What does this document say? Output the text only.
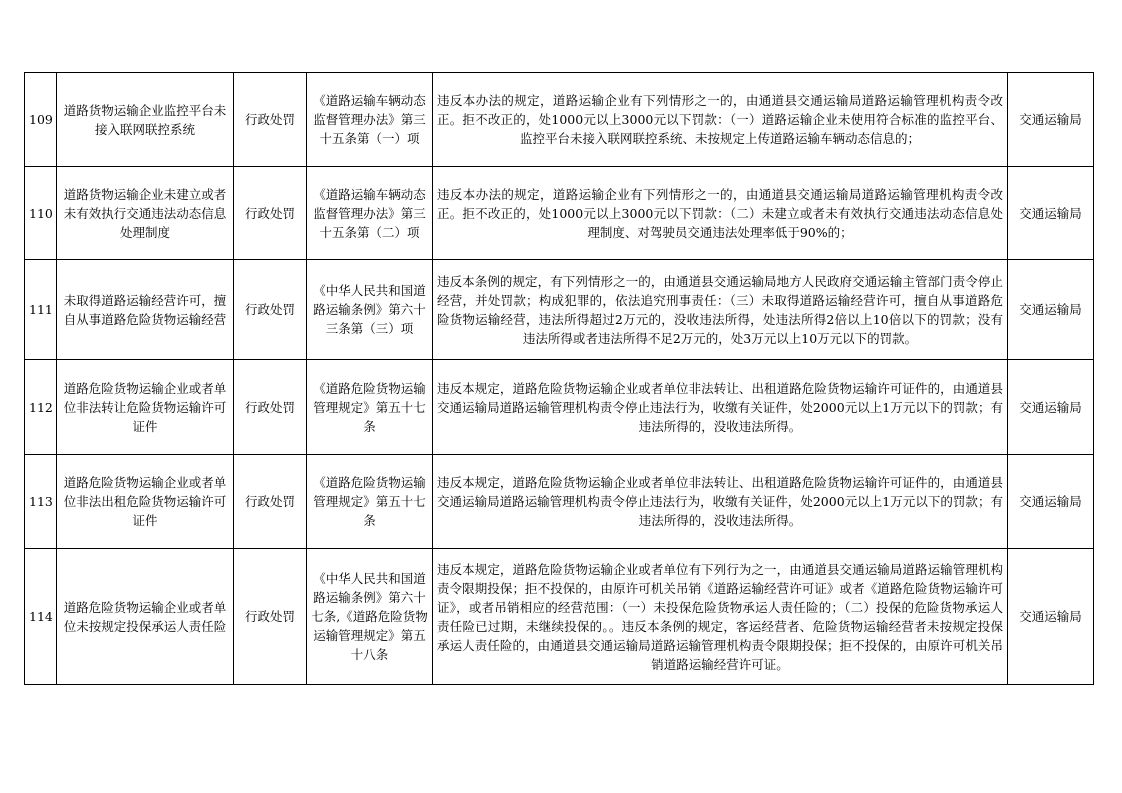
109	道路货物运输企业监控平台未接入联网联控系统	行政处罚	《道路运输车辆动态监督管理办法》第三十五条第（一）项	违反本办法的规定，道路运输企业有下列情形之一的，由通道县交通运输局道路运输管理机构责令改正。拒不改正的，处1000元以上3000元以下罚款：（一）道路运输企业未使用符合标准的监控平台、监控平台未接入联网联控系统、未按规定上传道路运输车辆动态信息的；	交通运输局
110	道路货物运输企业未建立或者未有效执行交通违法动态信息处理制度	行政处罚	《道路运输车辆动态监督管理办法》第三十五条第（二）项	违反本办法的规定，道路运输企业有下列情形之一的，由通道县交通运输局道路运输管理机构责令改正。拒不改正的，处1000元以上3000元以下罚款：（二）未建立或者未有效执行交通违法动态信息处理制度、对驾驶员交通违法处理率低于90%的；	交通运输局
111	未取得道路运输经营许可，擅自从事道路危险货物运输经营	行政处罚	《中华人民共和国道路运输条例》第六十三条第（三）项	违反本条例的规定，有下列情形之一的，由通道县交通运输局地方人民政府交通运输主管部门责令停止经营，并处罚款；构成犯罪的，依法追究刑事责任：（三）未取得道路运输经营许可，擅自从事道路危险货物运输经营，违法所得超过2万元的，没收违法所得，处违法所得2倍以上10倍以下的罚款；没有违法所得或者违法所得不足2万元的，处3万元以上10万元以下的罚款。	交通运输局
112	道路危险货物运输企业或者单位非法转让危险货物运输许可证件	行政处罚	《道路危险货物运输管理规定》第五十七条	违反本规定，道路危险货物运输企业或者单位非法转让、出租道路危险货物运输许可证件的，由通道县交通运输局道路运输管理机构责令停止违法行为，收缴有关证件，处2000元以上1万元以下的罚款；有违法所得的，没收违法所得。	交通运输局
113	道路危险货物运输企业或者单位非法出租危险货物运输许可证件	行政处罚	《道路危险货物运输管理规定》第五十七条	违反本规定，道路危险货物运输企业或者单位非法转让、出租道路危险货物运输许可证件的，由通道县交通运输局道路运输管理机构责令停止违法行为，收缴有关证件，处2000元以上1万元以下的罚款；有违法所得的，没收违法所得。	交通运输局
114	道路危险货物运输企业或者单位未按规定投保承运人责任险	行政处罚	《中华人民共和国道路运输条例》第六十七条,《道路危险货物运输管理规定》第五十八条	违反本规定，道路危险货物运输企业或者单位有下列行为之一，由通道县交通运输局道路运输管理机构责令限期投保；拒不投保的，由原许可机关吊销《道路运输经营许可证》或者《道路危险货物运输许可证》，或者吊销相应的经营范围：（一）未投保危险货物承运人责任险的；（二）投保的危险货物承运人责任险已过期，未继续投保的。。违反本条例的规定，客运经营者、危险货物运输经营者未按规定投保承运人责任险的，由通道县交通运输局道路运输管理机构责令限期投保；拒不投保的，由原许可机关吊销道路运输经营许可证。	交通运输局
